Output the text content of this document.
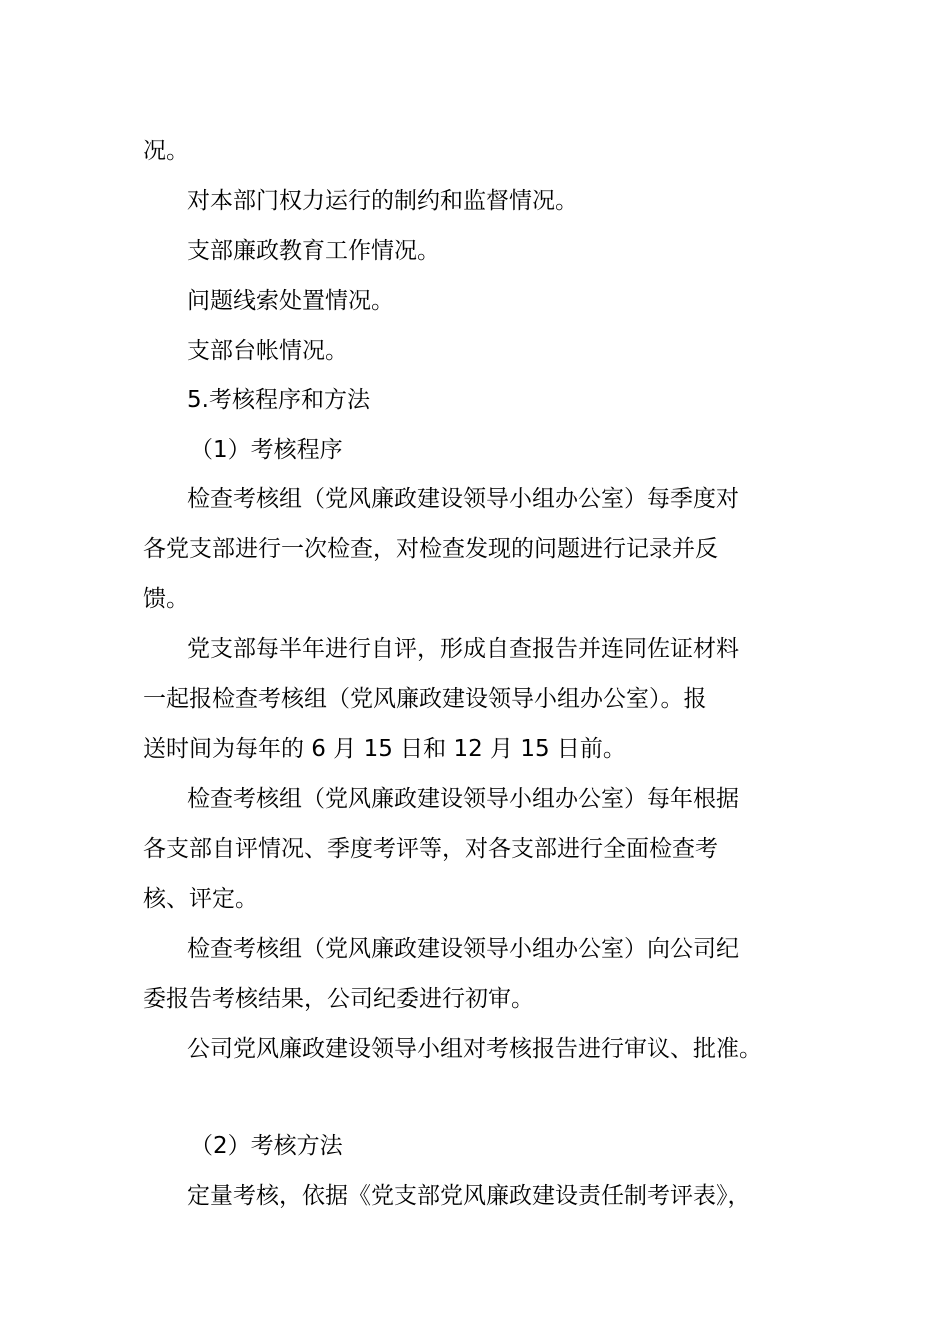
况。
对本部门权力运行的制约和监督情况。
支部廉政教育工作情况。
问题线索处置情况。
支部台帐情况。
5.考核程序和方法
（1）考核程序
检查考核组（党风廉政建设领导小组办公室）每季度对
各党支部进行一次检查，对检查发现的问题进行记录并反
馈。
党支部每半年进行自评，形成自查报告并连同佐证材料
一起报检查考核组（党风廉政建设领导小组办公室）。报
送时间为每年的 6 月 15 日和 12 月 15 日前。
检查考核组（党风廉政建设领导小组办公室）每年根据
各支部自评情况、季度考评等，对各支部进行全面检查考
核、评定。
检查考核组（党风廉政建设领导小组办公室）向公司纪
委报告考核结果，公司纪委进行初审。
公司党风廉政建设领导小组对考核报告进行审议、批准。
（2）考核方法
定量考核，依据《党支部党风廉政建设责任制考评表》，
